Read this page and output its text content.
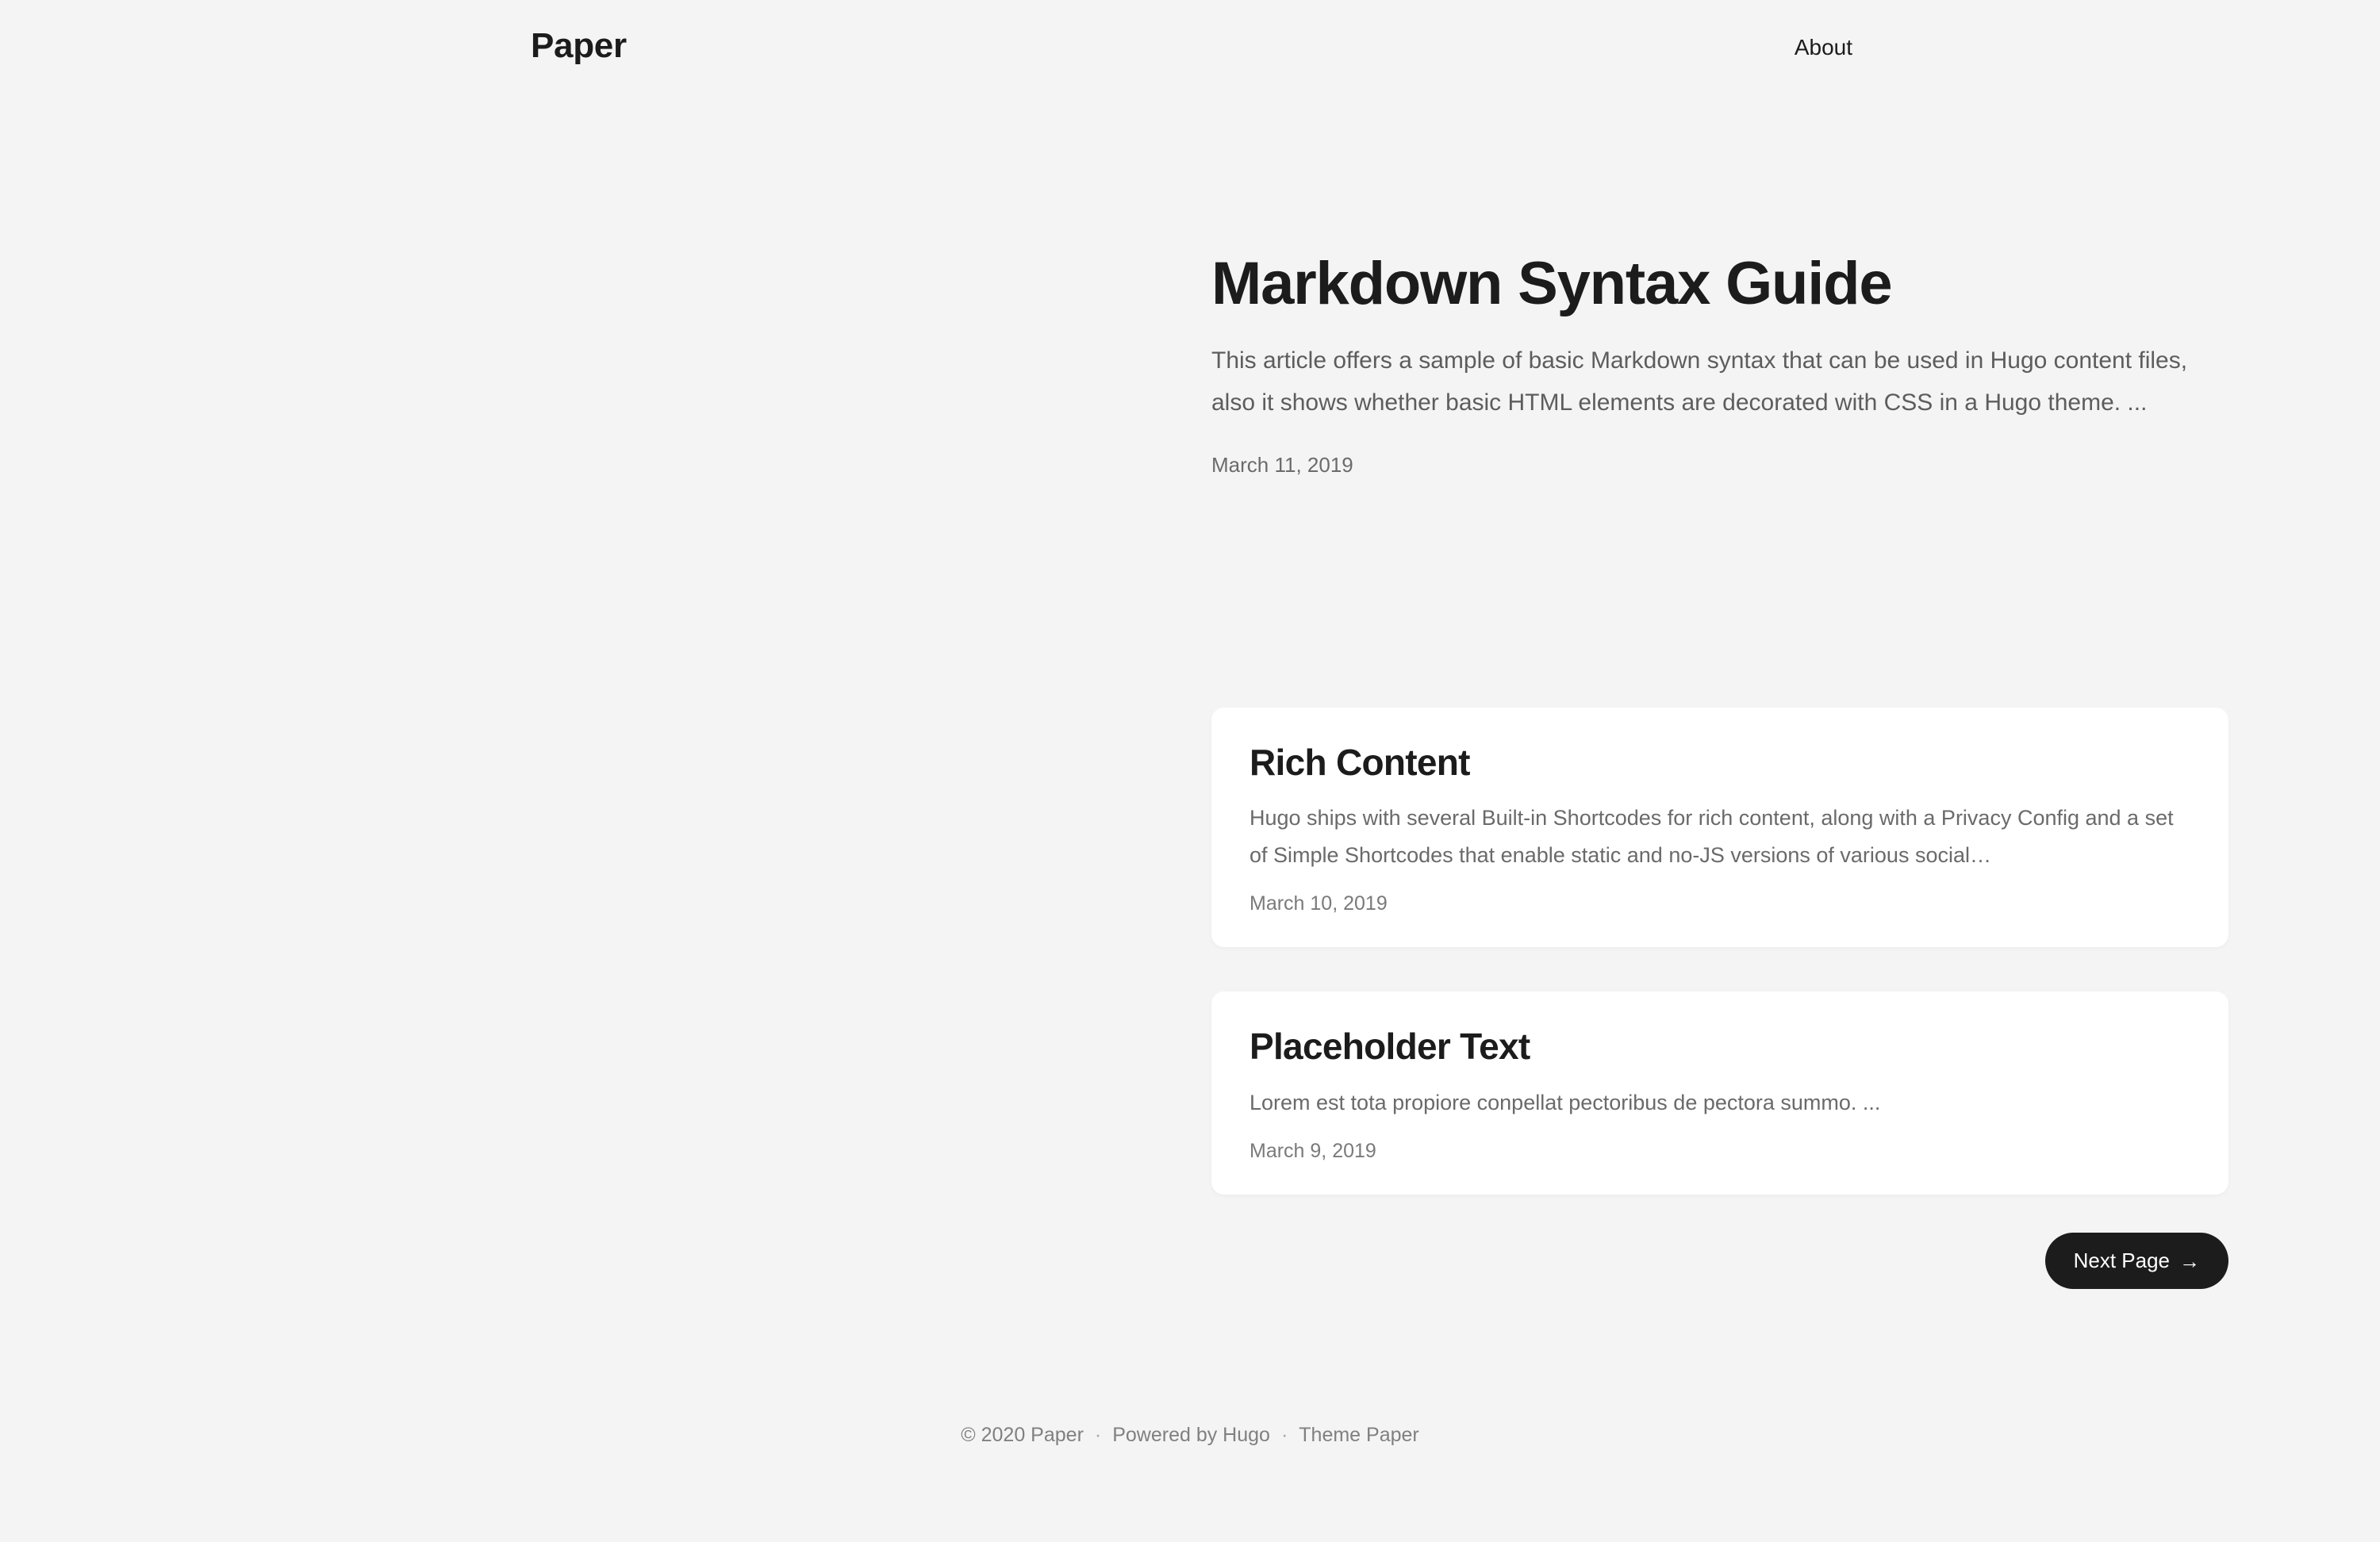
Paper	About
Markdown Syntax Guide

This article offers a sample of basic Markdown syntax that can be used in Hugo content files, also it shows whether basic HTML elements are decorated with CSS in a Hugo theme. ...

March 11, 2019
Rich Content

Hugo ships with several Built-in Shortcodes for rich content, along with a Privacy Config and a set of Simple Shortcodes that enable static and no-JS versions of various social…

March 10, 2019
Placeholder Text

Lorem est tota propiore conpellat pectoribus de pectora summo. ...

March 9, 2019
Next Page →
© 2020 Paper · Powered by Hugo · Theme Paper
